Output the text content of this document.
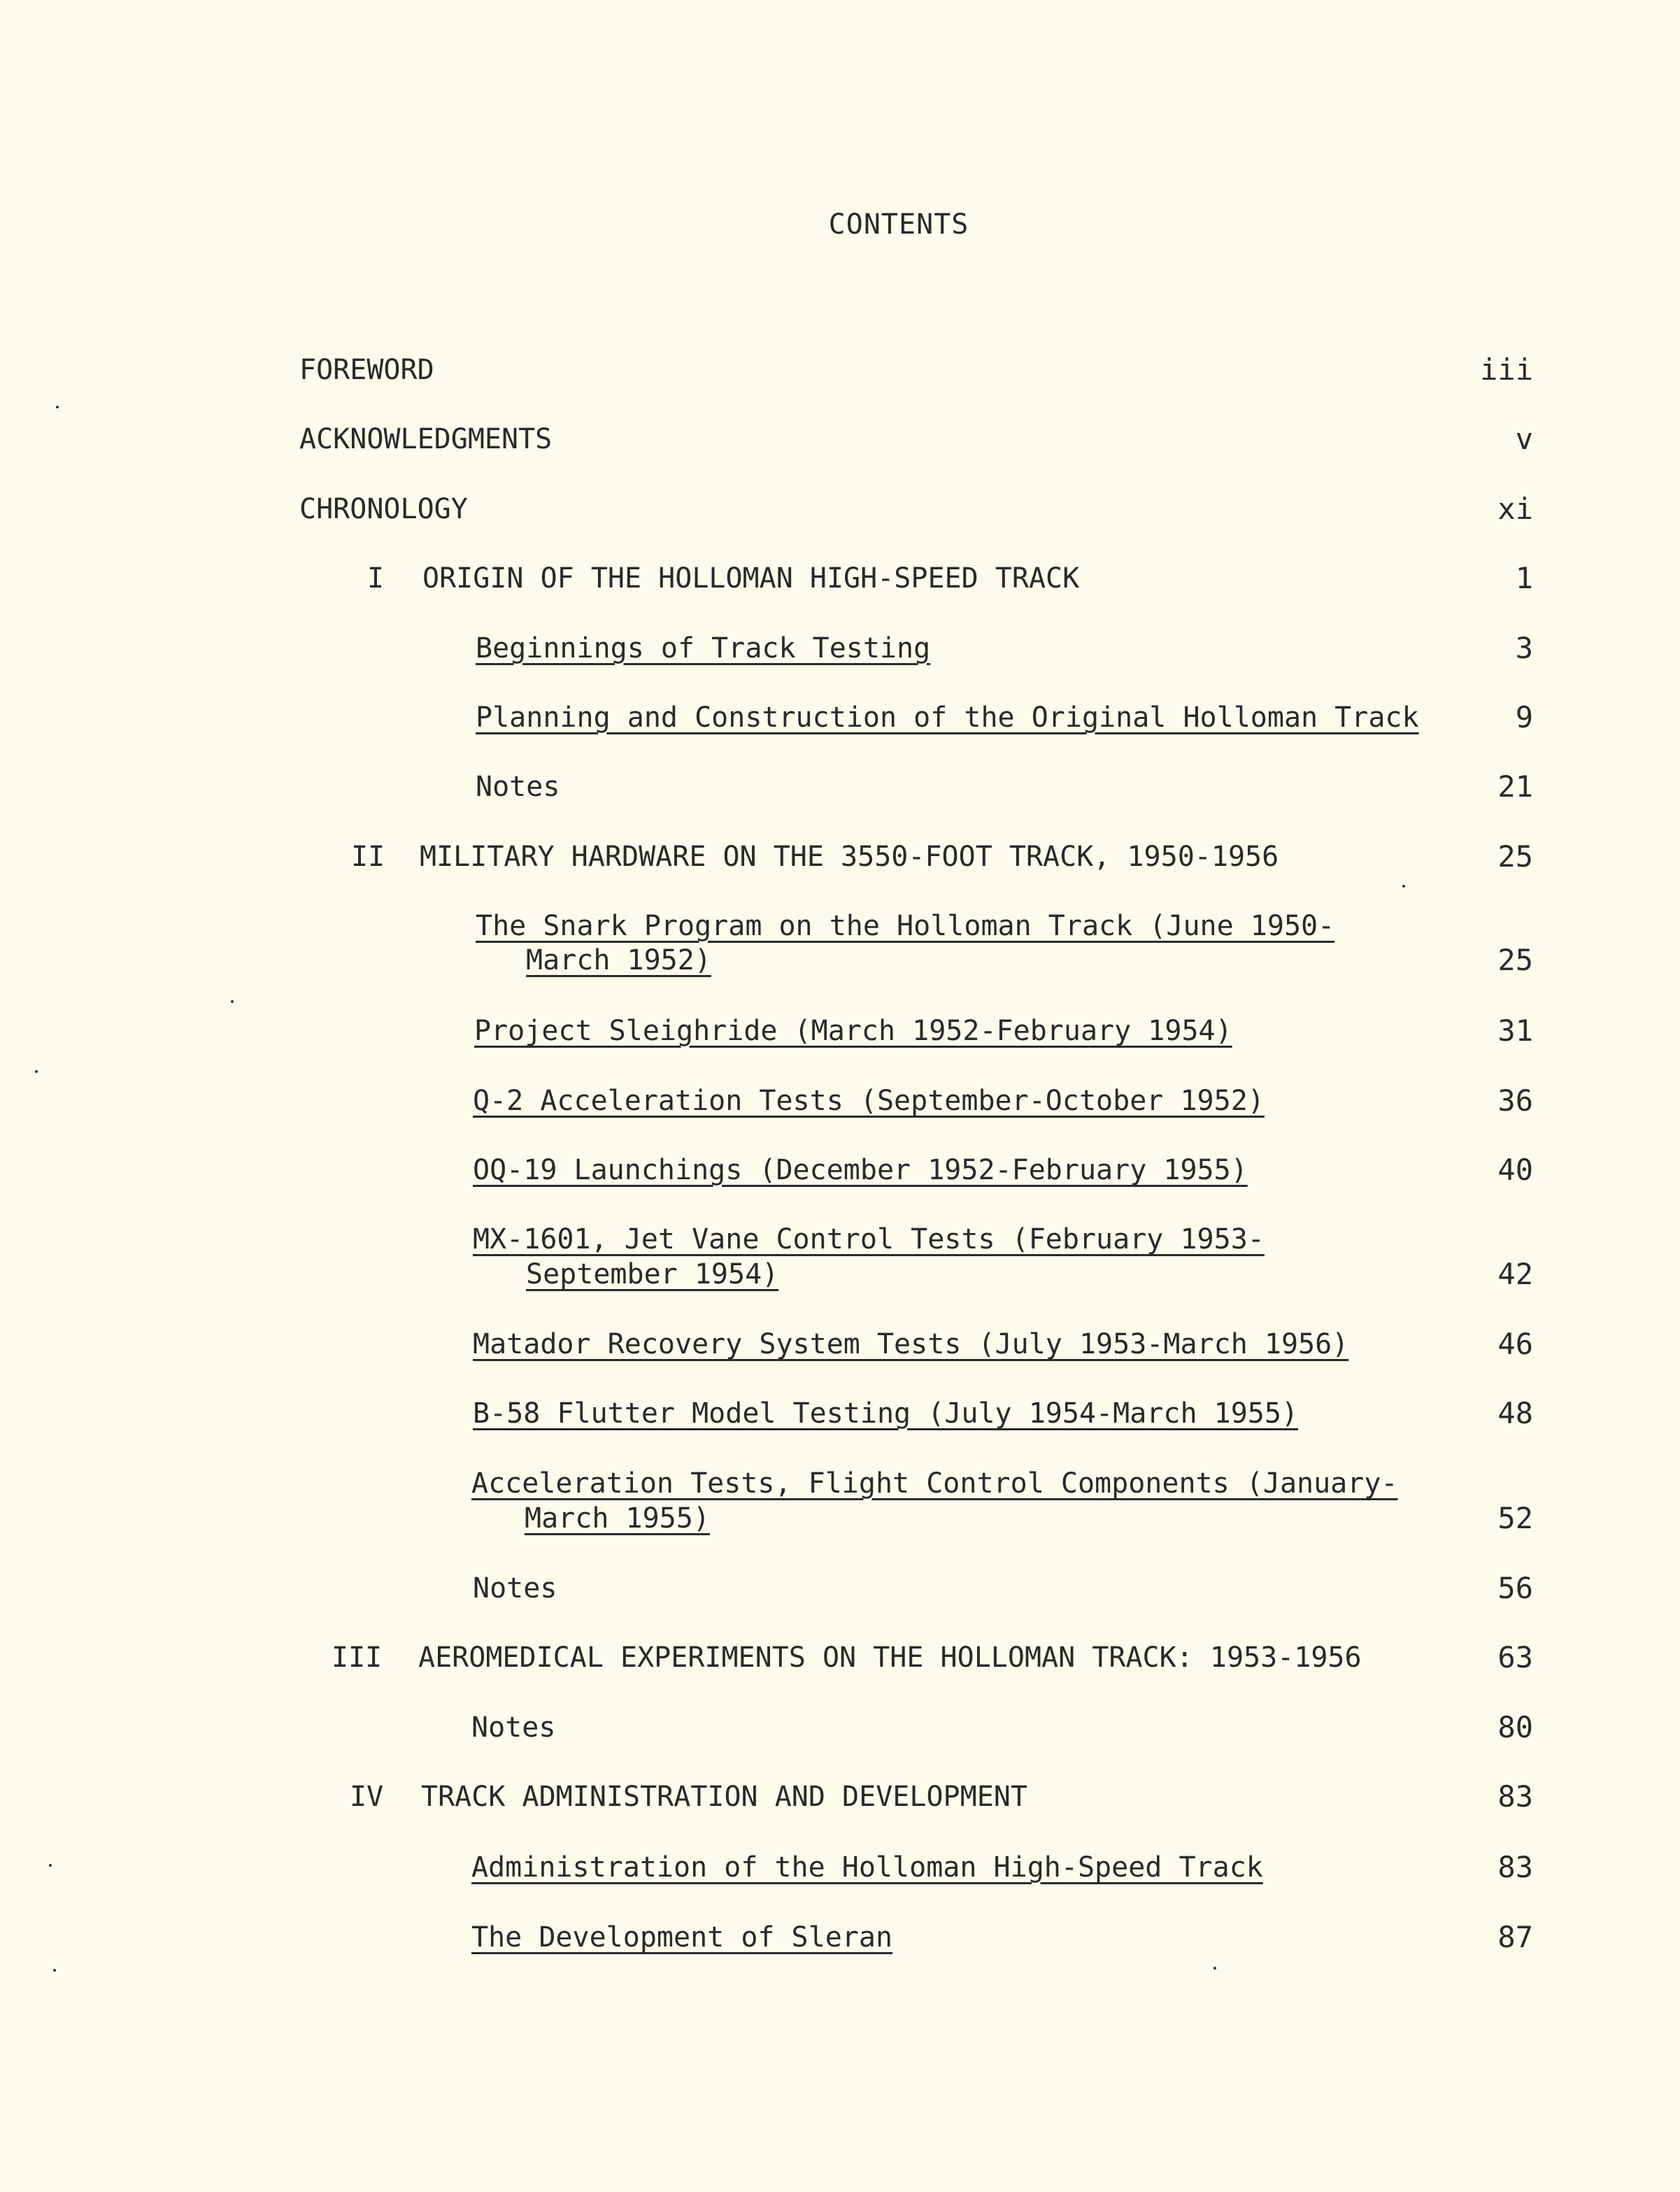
CONTENTS
FOREWORD	iii
ACKNOWLEDGMENTS	v
CHRONOLOGY	xi
I ORIGIN OF THE HOLLOMAN HIGH-SPEED TRACK	1
Beginnings of Track Testing	3
Planning and Construction of the Original Holloman Track	9
Notes	21
II MILITARY HARDWARE ON THE 3550-FOOT TRACK, 1950-1956	25
The Snark Program on the Holloman Track (June 1950-
March 1952)	25
Project Sleighride (March 1952-February 1954)	31
Q-2 Acceleration Tests (September-October 1952)	36
OQ-19 Launchings (December 1952-February 1955)	40
MX-1601, Jet Vane Control Tests (February 1953-
September 1954)	42
Matador Recovery System Tests (July 1953-March 1956)	46
B-58 Flutter Model Testing (July 1954-March 1955)	48
Acceleration Tests, Flight Control Components (January-
March 1955)	52
Notes	56
III AEROMEDICAL EXPERIMENTS ON THE HOLLOMAN TRACK: 1953-1956	63
Notes	80
IV TRACK ADMINISTRATION AND DEVELOPMENT	83
Administration of the Holloman High-Speed Track	83
The Development of Sleran	87
